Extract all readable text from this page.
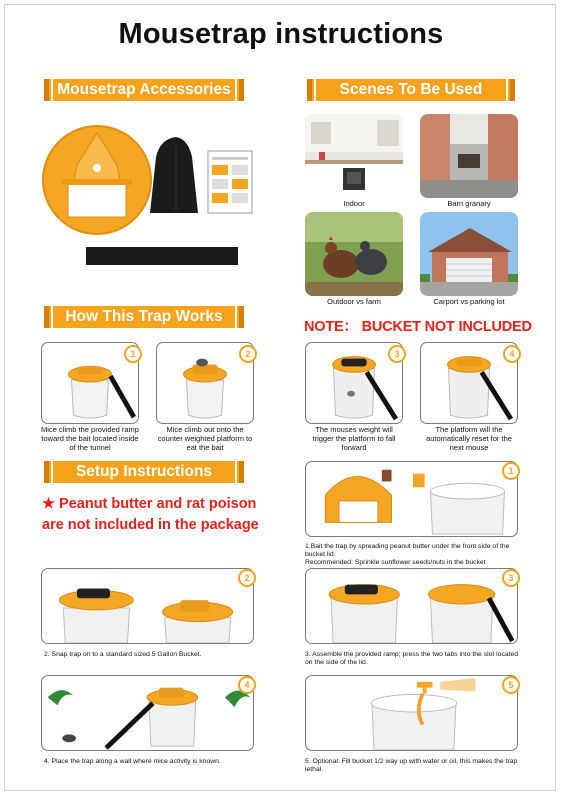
Mousetrap instructions
Mousetrap Accessories	Scenes To Be Used
Indoor	Barn granary
Outdoor vs farm	Carport vs parking lot
How This Trap Works
NOTE： BUCKET NOT INCLUDED
1
Mice climb the provided ramp toward the bait located inside of the tunnel
2
Mice climb out onto the counter weighted platform to eat the bait
3
The mouses weight will trigger the platform to fall forward
4
The platform will the automatically reset for the next mouse
Setup Instructions
★ Peanut butter and rat poison
are not included in the package
1
1.Bait the trap by spreading peanut butter under the front side of the bucket lid.
Recommended: Sprinkle sunflower seeds/nuts in the bucket
2
2. Snap trap on to a standard sized 5 Gallon Bucket.
3
3. Assemble the provided ramp; press the two tabs into the slot located on the side of the lid.
4
4. Place the trap along a wall where mice activity is known.
5
5. Optional: Fill bucket 1/2 way up with water or oil, this makes the trap lethal.
